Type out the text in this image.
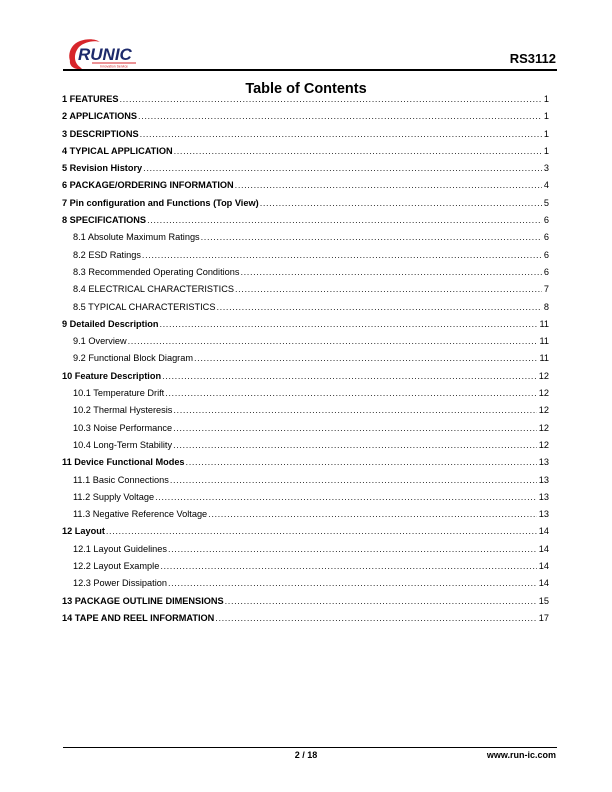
RUNIC
Innovation Service
RS3112
Table of Contents
1 FEATURES .....	1
2 APPLICATIONS .....	1
3 DESCRIPTIONS .....	1
4 TYPICAL APPLICATION .....	1
5 Revision History .....	3
6 PACKAGE/ORDERING INFORMATION .....	4
7 Pin configuration and Functions (Top View) .....	5
8 SPECIFICATIONS .....	6
8.1 Absolute Maximum Ratings .....	6
8.2 ESD Ratings .....	6
8.3 Recommended Operating Conditions .....	6
8.4 ELECTRICAL CHARACTERISTICS .....	7
8.5 TYPICAL CHARACTERISTICS .....	8
9 Detailed Description .....	11
9.1 Overview .....	11
9.2 Functional Block Diagram .....	11
10 Feature Description .....	12
10.1 Temperature Drift .....	12
10.2 Thermal Hysteresis .....	12
10.3 Noise Performance .....	12
10.4 Long-Term Stability .....	12
11 Device Functional Modes .....	13
11.1 Basic Connections .....	13
11.2 Supply Voltage .....	13
11.3 Negative Reference Voltage .....	13
12 Layout .....	14
12.1 Layout Guidelines .....	14
12.2 Layout Example .....	14
12.3 Power Dissipation .....	14
13 PACKAGE OUTLINE DIMENSIONS .....	15
14 TAPE AND REEL INFORMATION .....	17
2 / 18	www.run-ic.com
